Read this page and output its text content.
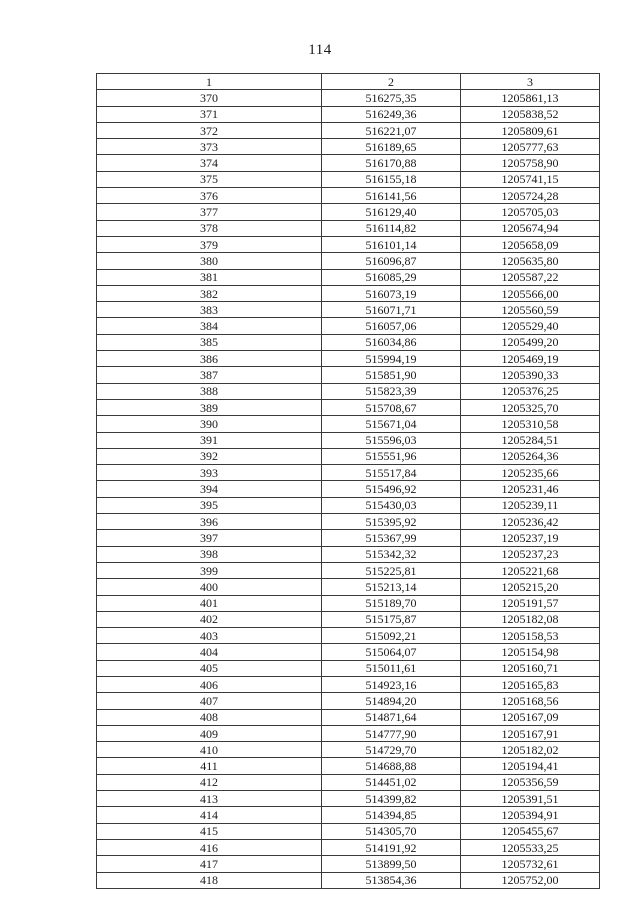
114
1	2	3
370	516275,35	1205861,13
371	516249,36	1205838,52
372	516221,07	1205809,61
373	516189,65	1205777,63
374	516170,88	1205758,90
375	516155,18	1205741,15
376	516141,56	1205724,28
377	516129,40	1205705,03
378	516114,82	1205674,94
379	516101,14	1205658,09
380	516096,87	1205635,80
381	516085,29	1205587,22
382	516073,19	1205566,00
383	516071,71	1205560,59
384	516057,06	1205529,40
385	516034,86	1205499,20
386	515994,19	1205469,19
387	515851,90	1205390,33
388	515823,39	1205376,25
389	515708,67	1205325,70
390	515671,04	1205310,58
391	515596,03	1205284,51
392	515551,96	1205264,36
393	515517,84	1205235,66
394	515496,92	1205231,46
395	515430,03	1205239,11
396	515395,92	1205236,42
397	515367,99	1205237,19
398	515342,32	1205237,23
399	515225,81	1205221,68
400	515213,14	1205215,20
401	515189,70	1205191,57
402	515175,87	1205182,08
403	515092,21	1205158,53
404	515064,07	1205154,98
405	515011,61	1205160,71
406	514923,16	1205165,83
407	514894,20	1205168,56
408	514871,64	1205167,09
409	514777,90	1205167,91
410	514729,70	1205182,02
411	514688,88	1205194,41
412	514451,02	1205356,59
413	514399,82	1205391,51
414	514394,85	1205394,91
415	514305,70	1205455,67
416	514191,92	1205533,25
417	513899,50	1205732,61
418	513854,36	1205752,00
